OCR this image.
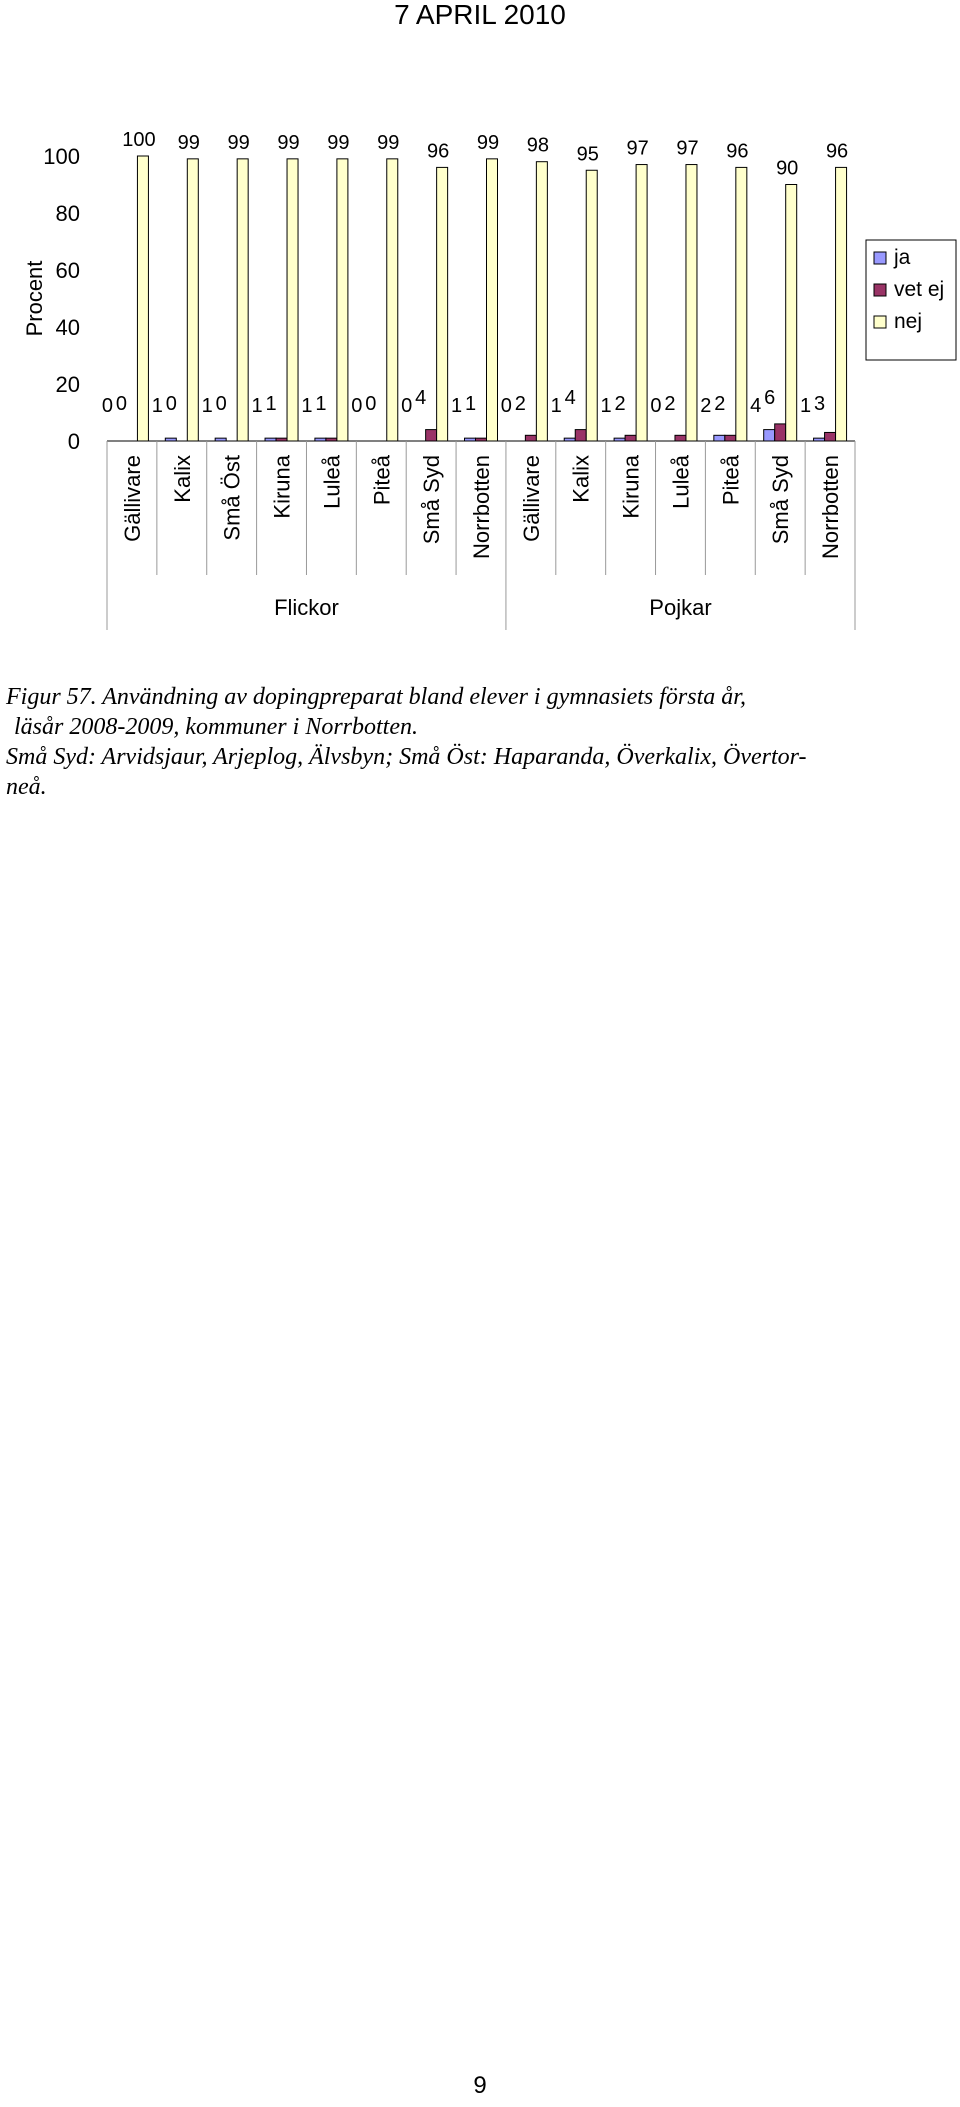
7 APRIL 2010
0
20
40
60
80
100
Procent
100
0 0
99
1 0
99
1 0
99
1 1
99
1 1
99
0 0
96
0 4
99
1 1
98
0 2
95
1 4
97
1 2
97
0 2
96
2 2
90
4 6
96
1 3
Gällivare Kalix Små Öst Kiruna Luleå Piteå Små Syd Norrbotten Gällivare Kalix Kiruna Luleå Piteå Små Syd Norrbotten
Flickor	Pojkar
ja
vet ej
nej

Figur 57. Användning av dopingpreparat bland elever i gymnasiets första år,

läsår 2008-2009, kommuner i Norrbotten.

Små Syd: Arvidsjaur, Arjeplog, Älvsbyn; Små Öst: Haparanda, Överkalix, Övertor-

neå.

9
